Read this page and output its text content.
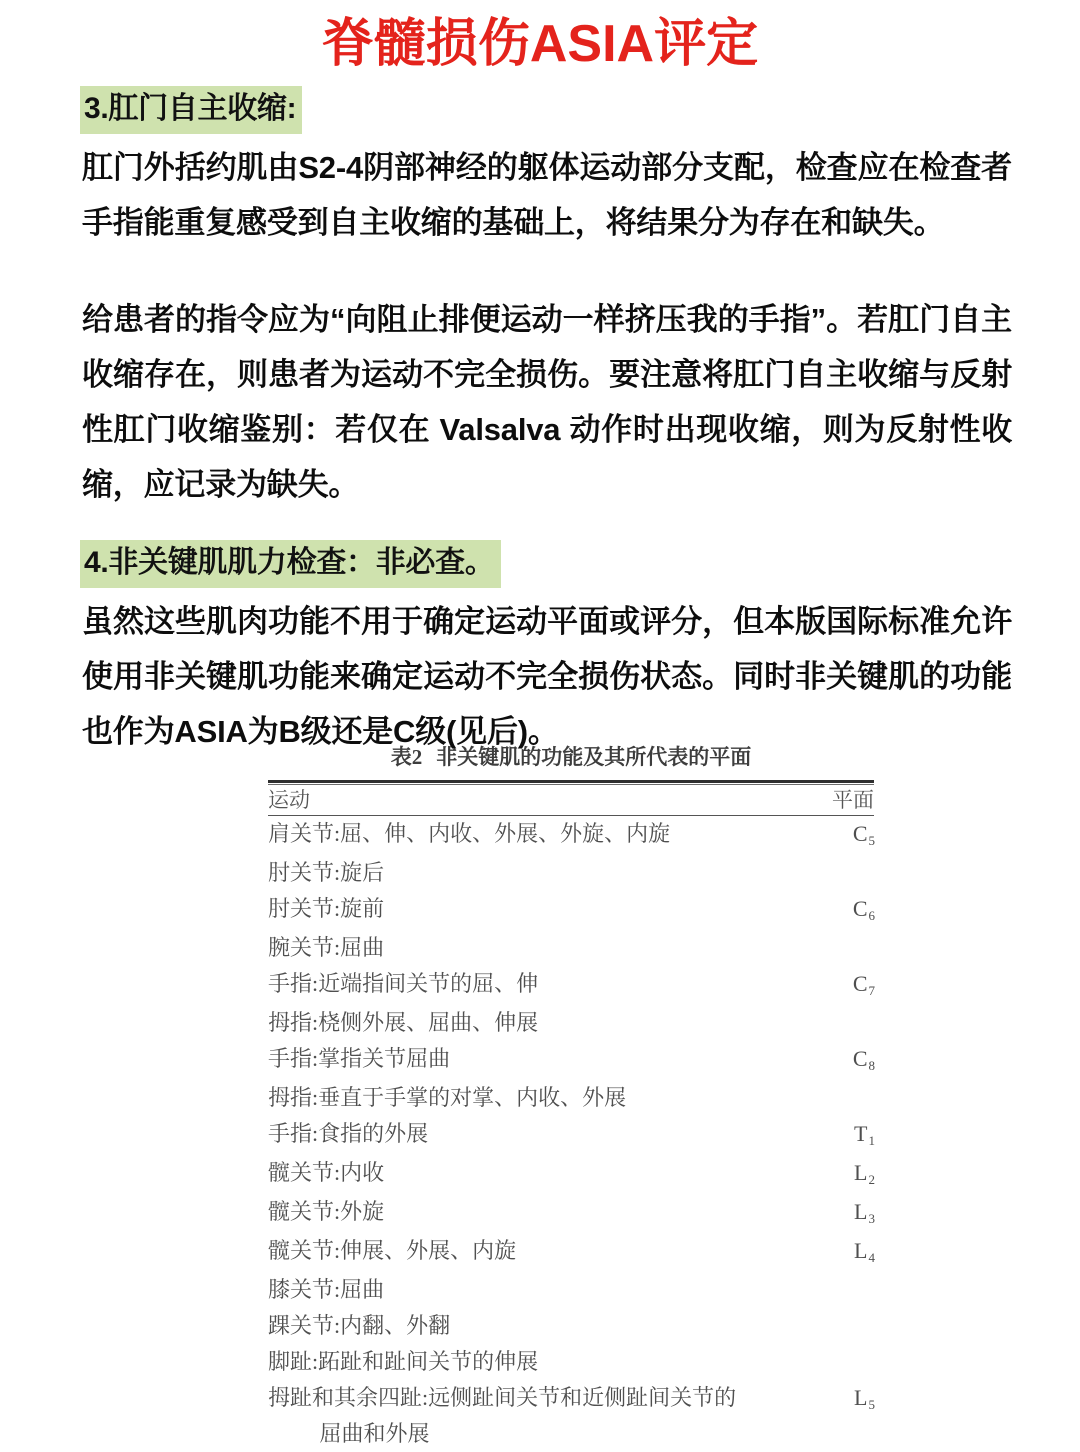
脊髓损伤ASIA评定
3.肛门自主收缩:

肛门外括约肌由S2-4阴部神经的躯体运动部分支配，检查应在检查者手指能重复感受到自主收缩的基础上，将结果分为存在和缺失。

给患者的指令应为“向阻止排便运动一样挤压我的手指”。若肛门自主收缩存在，则患者为运动不完全损伤。要注意将肛门自主收缩与反射性肛门收缩鉴别：若仅在 Valsalva 动作时出现收缩，则为反射性收缩，应记录为缺失。

4.非关键肌肌力检查：非必查。

虽然这些肌肉功能不用于确定运动平面或评分，但本版国际标准允许使用非关键肌功能来确定运动不完全损伤状态。同时非关键肌的功能也作为ASIA为B级还是C级(见后)。

表2 非关键肌的功能及其所代表的平面
运动	平面
肩关节:屈、伸、内收、外展、外旋、内旋	$C_5$
肘关节:旋后	
肘关节:旋前	$C_6$
腕关节:屈曲	
手指:近端指间关节的屈、伸	$C_7$
拇指:桡侧外展、屈曲、伸展	
手指:掌指关节屈曲	$C_8$
拇指:垂直于手掌的对掌、内收、外展	
手指:食指的外展	$T_1$
髋关节:内收	$L_2$
髋关节:外旋	$L_3$
髋关节:伸展、外展、内旋	$L_4$
膝关节:屈曲	
踝关节:内翻、外翻	
脚趾:跖趾和趾间关节的伸展	
拇趾和其余四趾:远侧趾间关节和近侧趾间关节的
屈曲和外展	$L_5$
